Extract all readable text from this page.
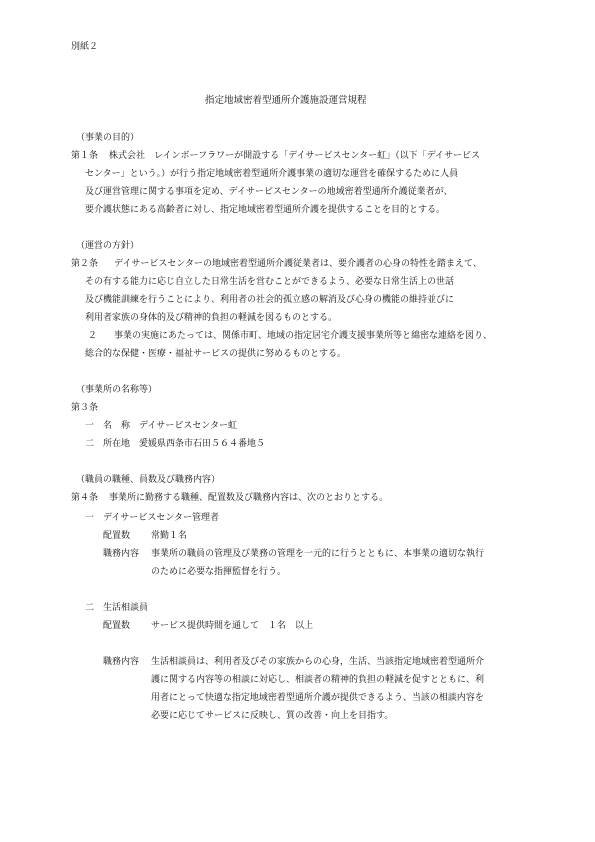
別紙２
指定地域密着型通所介護施設運営規程
（事業の目的）
第１条 株式会社　レインボーフラワーが開設する「デイサービスセンター虹」（以下「デイサービス
センター」という。）が行う指定地域密着型通所介護事業の適切な運営を確保するために人員
及び運営管理に関する事項を定め、デイサービスセンターの地域密着型通所介護従業者が、
要介護状態にある高齢者に対し、指定地域密着型通所介護を提供することを目的とする。
（運営の方針）
第２条 デイサービスセンターの地域密着型通所介護従業者は、要介護者の心身の特性を踏まえて、
その有する能力に応じ自立した日常生活を営むことができるよう、必要な日常生活上の世話
及び機能訓練を行うことにより、利用者の社会的孤立感の解消及び心身の機能の維持並びに
利用者家族の身体的及び精神的負担の軽減を図るものとする。
２ 事業の実施にあたっては、関係市町、地域の指定居宅介護支援事業所等と綿密な連絡を図り、
総合的な保健・医療・福祉サービスの提供に努めるものとする。
（事業所の名称等）
第３条
一　名　称　デイサービスセンター虹
二　所在地　愛媛県西条市石田５６４番地５
（職員の職種、員数及び職務内容）
第４条 事業所に勤務する職種、配置数及び職務内容は、次のとおりとする。
一　デイサービスセンター管理者
配置数 常勤１名
職務内容 事業所の職員の管理及び業務の管理を一元的に行うとともに、本事業の適切な執行
のために必要な指揮監督を行う。
二　生活相談員
配置数 サービス提供時間を通して　１名　以上
職務内容 生活相談員は、利用者及びその家族からの心身，生活、当該指定地域密着型通所介
護に関する内容等の相談に対応し、相談者の精神的負担の軽減を促すとともに、利
用者にとって快適な指定地域密着型通所介護が提供できるよう、当該の相談内容を
必要に応じてサービスに反映し、質の改善・向上を目指す。
